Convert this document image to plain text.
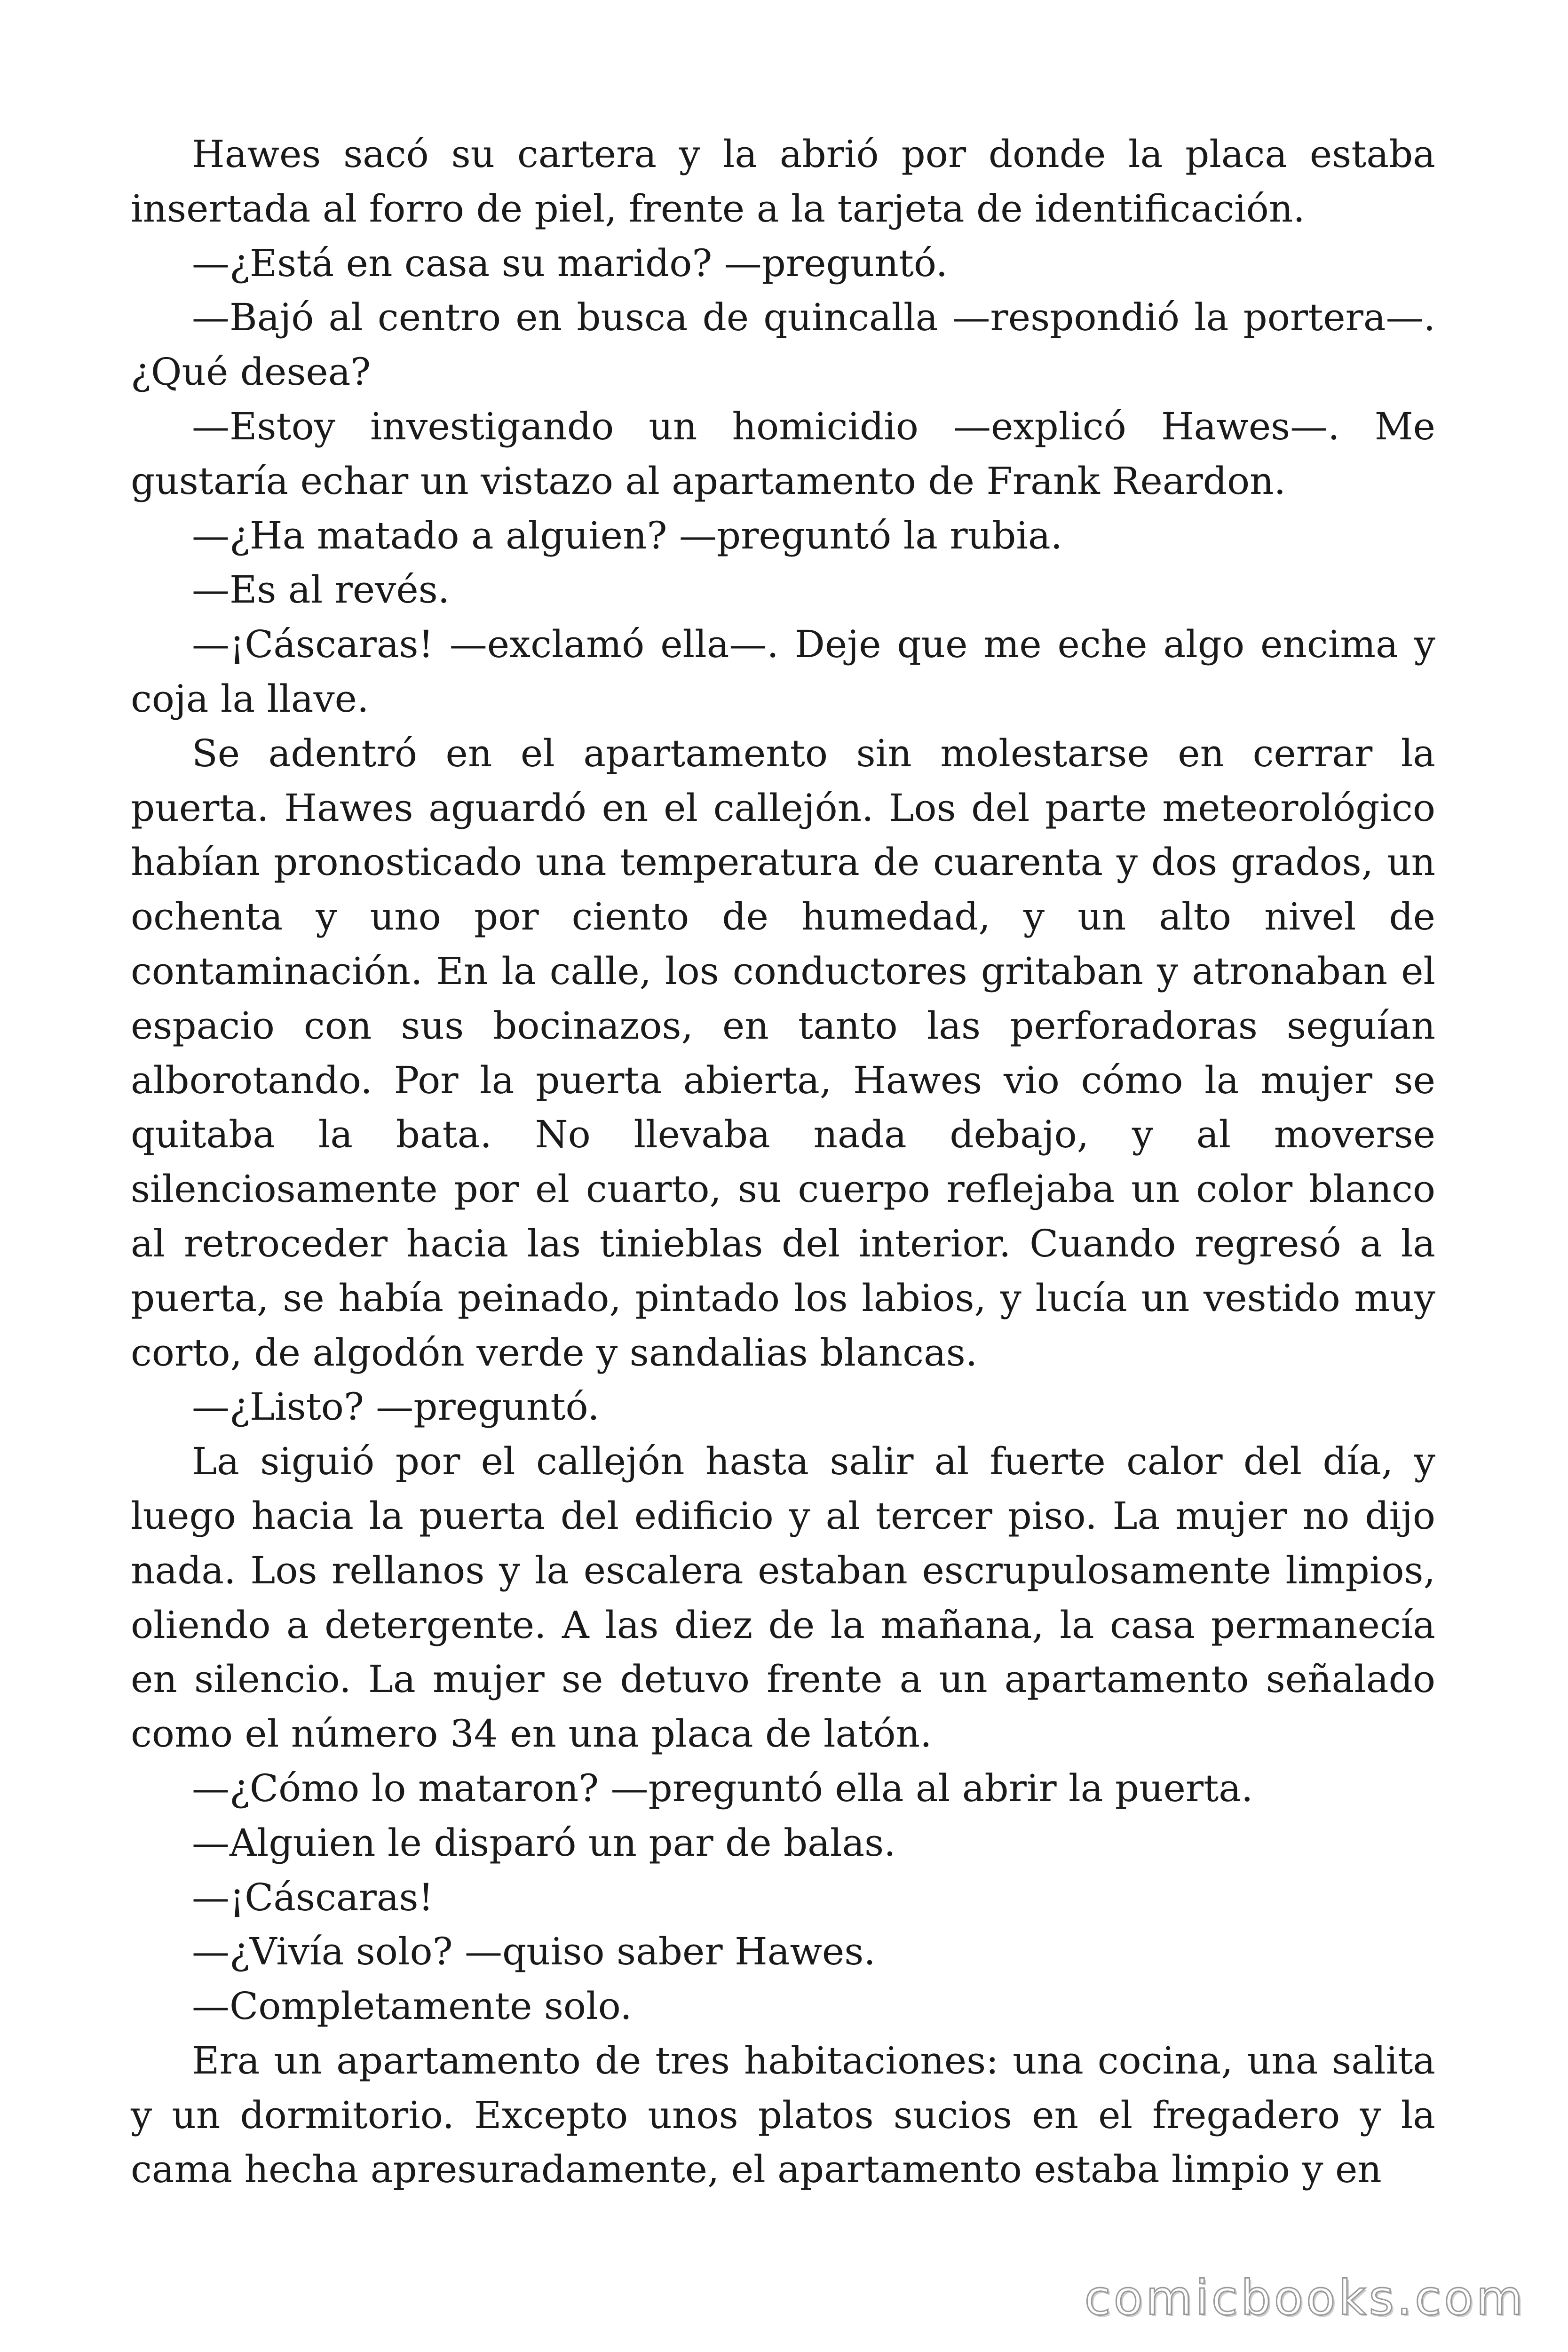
Hawes sacó su cartera y la abrió por donde la placa estaba insertada al forro de piel, frente a la tarjeta de identificación.

—¿Está en casa su marido? —preguntó.

—Bajó al centro en busca de quincalla —respondió la portera—. ¿Qué desea?

—Estoy investigando un homicidio —explicó Hawes—. Me gustaría echar un vistazo al apartamento de Frank Reardon.

—¿Ha matado a alguien? —preguntó la rubia.

—Es al revés.

—¡Cáscaras! —exclamó ella—. Deje que me eche algo encima y coja la llave.

Se adentró en el apartamento sin molestarse en cerrar la puerta. Hawes aguardó en el callejón. Los del parte meteorológico habían pronosticado una temperatura de cuarenta y dos grados, un ochenta y uno por ciento de humedad, y un alto nivel de contaminación. En la calle, los conductores gritaban y atronaban el espacio con sus bocinazos, en tanto las perforadoras seguían alborotando. Por la puerta abierta, Hawes vio cómo la mujer se quitaba la bata. No llevaba nada debajo, y al moverse silenciosamente por el cuarto, su cuerpo reflejaba un color blanco al retroceder hacia las tinieblas del interior. Cuando regresó a la puerta, se había peinado, pintado los labios, y lucía un vestido muy corto, de algodón verde y sandalias blancas.

—¿Listo? —preguntó.

La siguió por el callejón hasta salir al fuerte calor del día, y luego hacia la puerta del edificio y al tercer piso. La mujer no dijo nada. Los rellanos y la escalera estaban escrupulosamente limpios, oliendo a detergente. A las diez de la mañana, la casa permanecía en silencio. La mujer se detuvo frente a un apartamento señalado como el número 34 en una placa de latón.

—¿Cómo lo mataron? —preguntó ella al abrir la puerta.

—Alguien le disparó un par de balas.

—¡Cáscaras!

—¿Vivía solo? —quiso saber Hawes.

—Completamente solo.

Era un apartamento de tres habitaciones: una cocina, una salita y un dormitorio. Excepto unos platos sucios en el fregadero y la cama hecha apresuradamente, el apartamento estaba limpio y en

comicbooks.com
